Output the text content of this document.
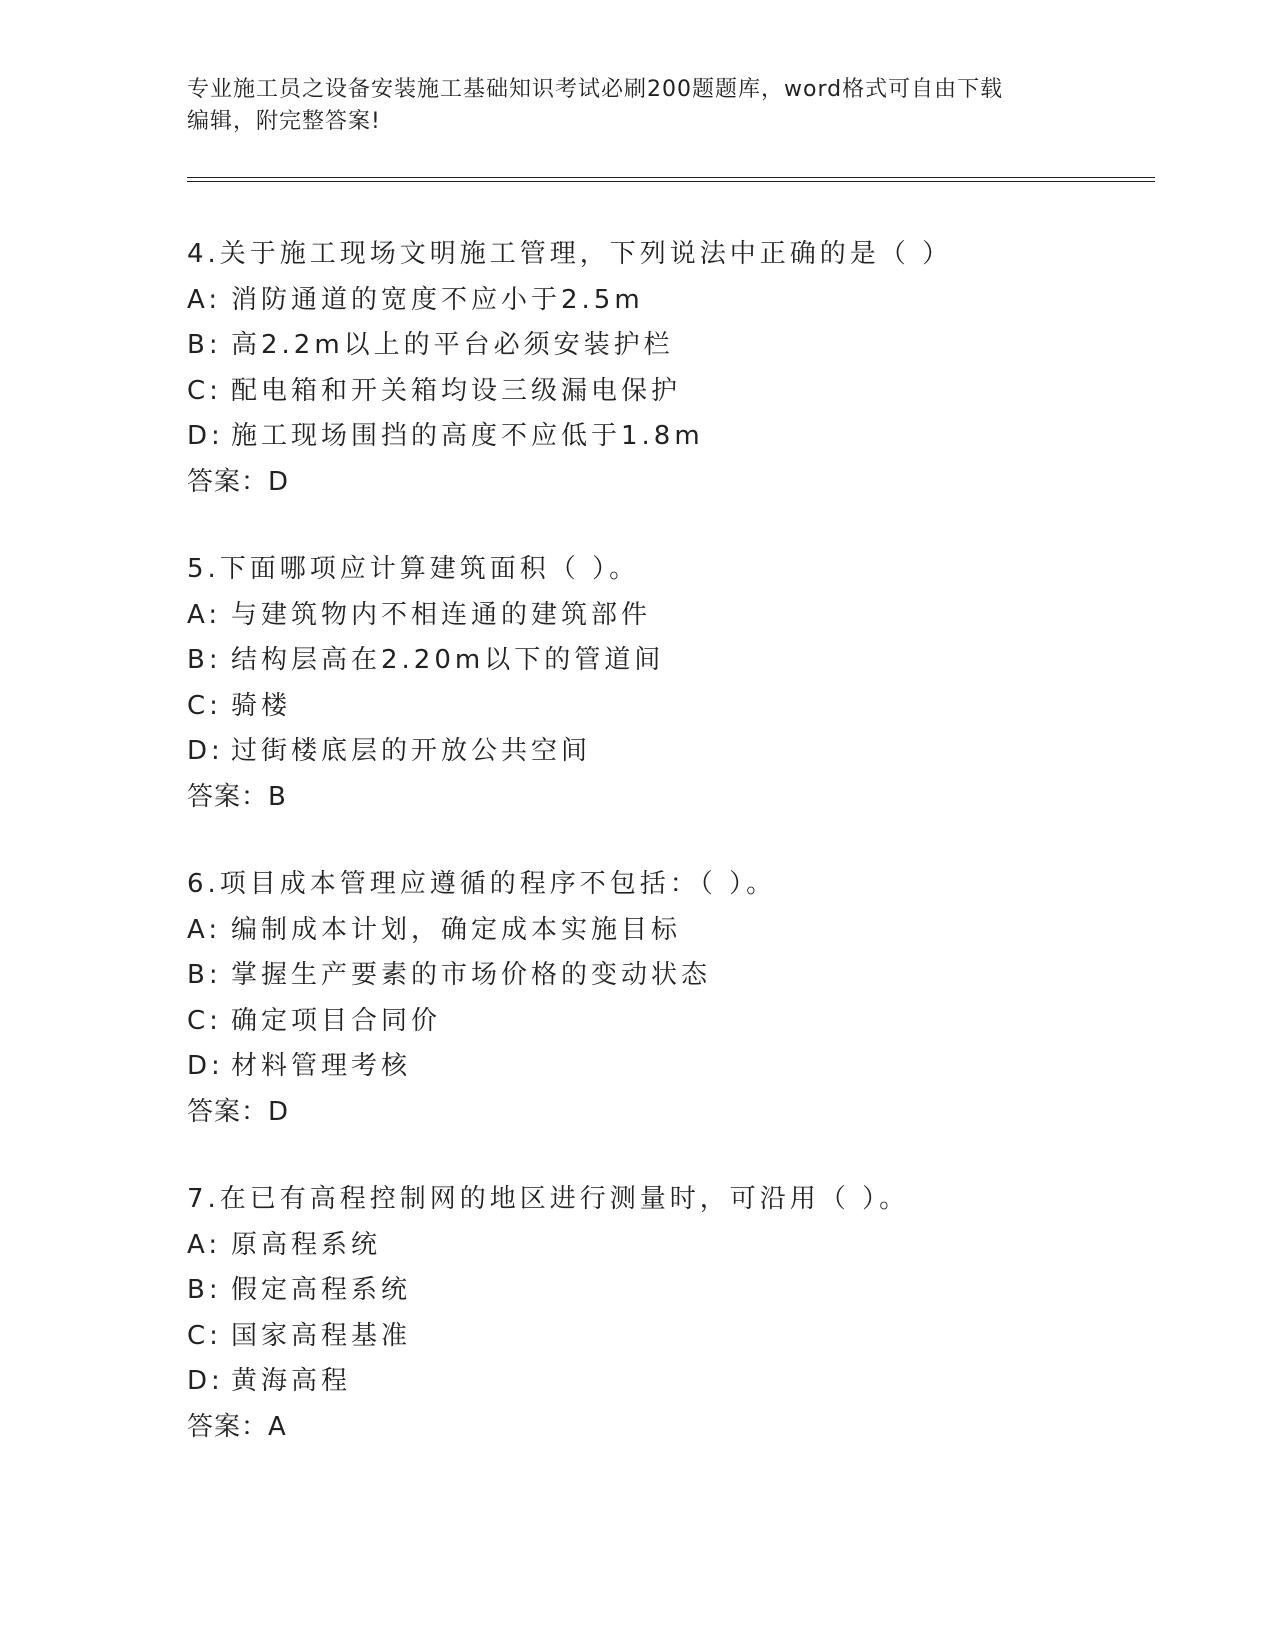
专业施工员之设备安装施工基础知识考试必刷200题题库，word格式可自由下载
编辑，附完整答案!
4.关于施工现场文明施工管理，下列说法中正确的是（ ）
A: 消防通道的宽度不应小于2.5m
B: 高2.2m以上的平台必须安装护栏
C: 配电箱和开关箱均设三级漏电保护
D: 施工现场围挡的高度不应低于1.8m
答案：D
5.下面哪项应计算建筑面积（ ）。
A: 与建筑物内不相连通的建筑部件
B: 结构层高在2.20m以下的管道间
C: 骑楼
D: 过街楼底层的开放公共空间
答案：B
6.项目成本管理应遵循的程序不包括：（ ）。
A: 编制成本计划，确定成本实施目标
B: 掌握生产要素的市场价格的变动状态
C: 确定项目合同价
D: 材料管理考核
答案：D
7.在已有高程控制网的地区进行测量时，可沿用（ ）。
A: 原高程系统
B: 假定高程系统
C: 国家高程基准
D: 黄海高程
答案：A
